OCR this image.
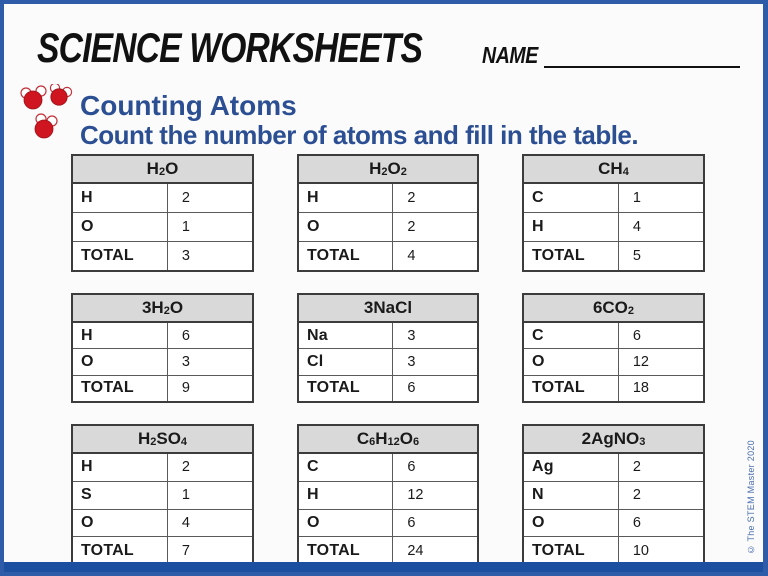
SCIENCE WORKSHEETS	NAME
Counting Atoms
Count the number of atoms and fill in the table.
H 2 O
H	2
O	1
TOTAL	3
H 2 O 2
H	2
O	2
TOTAL	4
CH 4
C	1
H	4
TOTAL	5
3H 2 O
H	6
O	3
TOTAL	9
3NaCl
Na	3
Cl	3
TOTAL	6
6CO 2
C	6
O	12
TOTAL	18
H 2 SO 4
H	2
S	1
O	4
TOTAL	7
C 6 H 12 O 6
C	6
H	12
O	6
TOTAL	24
2AgNO 3
Ag	2
N	2
O	6
TOTAL	10	© The STEM Master 2020
